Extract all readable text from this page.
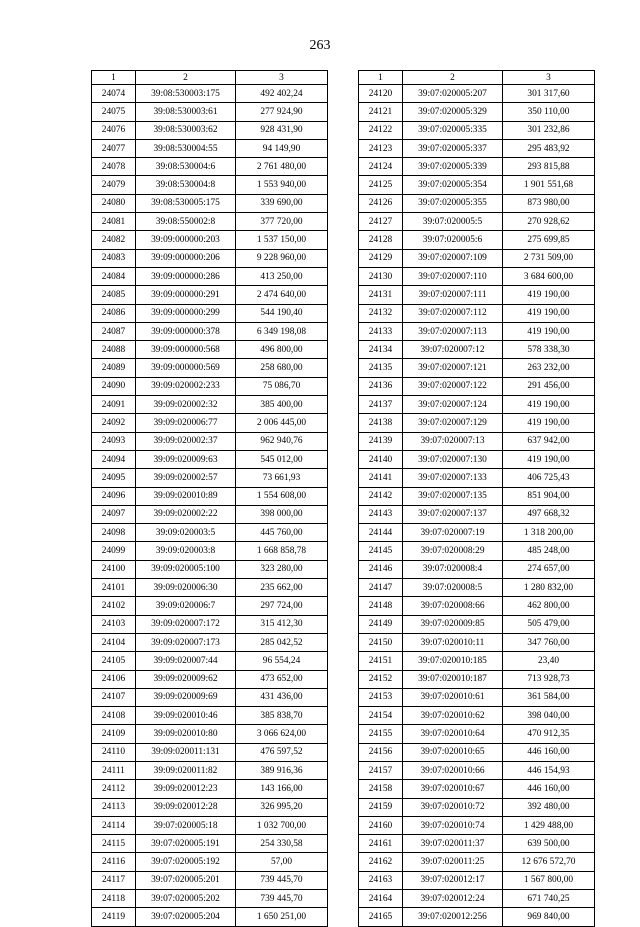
263
1	2	3
24074	39:08:530003:175	492 402,24
24075	39:08:530003:61	277 924,90
24076	39:08:530003:62	928 431,90
24077	39:08:530004:55	94 149,90
24078	39:08:530004:6	2 761 480,00
24079	39:08:530004:8	1 553 940,00
24080	39:08:530005:175	339 690,00
24081	39:08:550002:8	377 720,00
24082	39:09:000000:203	1 537 150,00
24083	39:09:000000:206	9 228 960,00
24084	39:09:000000:286	413 250,00
24085	39:09:000000:291	2 474 640,00
24086	39:09:000000:299	544 190,40
24087	39:09:000000:378	6 349 198,08
24088	39:09:000000:568	496 800,00
24089	39:09:000000:569	258 680,00
24090	39:09:020002:233	75 086,70
24091	39:09:020002:32	385 400,00
24092	39:09:020006:77	2 006 445,00
24093	39:09:020002:37	962 940,76
24094	39:09:020009:63	545 012,00
24095	39:09:020002:57	73 661,93
24096	39:09:020010:89	1 554 608,00
24097	39:09:020002:22	398 000,00
24098	39:09:020003:5	445 760,00
24099	39:09:020003:8	1 668 858,78
24100	39:09:020005:100	323 280,00
24101	39:09:020006:30	235 662,00
24102	39:09:020006:7	297 724,00
24103	39:09:020007:172	315 412,30
24104	39:09:020007:173	285 042,52
24105	39:09:020007:44	96 554,24
24106	39:09:020009:62	473 652,00
24107	39:09:020009:69	431 436,00
24108	39:09:020010:46	385 838,70
24109	39:09:020010:80	3 066 624,00
24110	39:09:020011:131	476 597,52
24111	39:09:020011:82	389 916,36
24112	39:09:020012:23	143 166,00
24113	39:09:020012:28	326 995,20
24114	39:07:020005:18	1 032 700,00
24115	39:07:020005:191	254 330,58
24116	39:07:020005:192	57,00
24117	39:07:020005:201	739 445,70
24118	39:07:020005:202	739 445,70
24119	39:07:020005:204	1 650 251,00
1	2	3
24120	39:07:020005:207	301 317,60
24121	39:07:020005:329	350 110,00
24122	39:07:020005:335	301 232,86
24123	39:07:020005:337	295 483,92
24124	39:07:020005:339	293 815,88
24125	39:07:020005:354	1 901 551,68
24126	39:07:020005:355	873 980,00
24127	39:07:020005:5	270 928,62
24128	39:07:020005:6	275 699,85
24129	39:07:020007:109	2 731 509,00
24130	39:07:020007:110	3 684 600,00
24131	39:07:020007:111	419 190,00
24132	39:07:020007:112	419 190,00
24133	39:07:020007:113	419 190,00
24134	39:07:020007:12	578 338,30
24135	39:07:020007:121	263 232,00
24136	39:07:020007:122	291 456,00
24137	39:07:020007:124	419 190,00
24138	39:07:020007:129	419 190,00
24139	39:07:020007:13	637 942,00
24140	39:07:020007:130	419 190,00
24141	39:07:020007:133	406 725,43
24142	39:07:020007:135	851 904,00
24143	39:07:020007:137	497 668,32
24144	39:07:020007:19	1 318 200,00
24145	39:07:020008:29	485 248,00
24146	39:07:020008:4	274 657,00
24147	39:07:020008:5	1 280 832,00
24148	39:07:020008:66	462 800,00
24149	39:07:020009:85	505 479,00
24150	39:07:020010:11	347 760,00
24151	39:07:020010:185	23,40
24152	39:07:020010:187	713 928,73
24153	39:07:020010:61	361 584,00
24154	39:07:020010:62	398 040,00
24155	39:07:020010:64	470 912,35
24156	39:07:020010:65	446 160,00
24157	39:07:020010:66	446 154,93
24158	39:07:020010:67	446 160,00
24159	39:07:020010:72	392 480,00
24160	39:07:020010:74	1 429 488,00
24161	39:07:020011:37	639 500,00
24162	39:07:020011:25	12 676 572,70
24163	39:07:020012:17	1 567 800,00
24164	39:07:020012:24	671 740,25
24165	39:07:020012:256	969 840,00
